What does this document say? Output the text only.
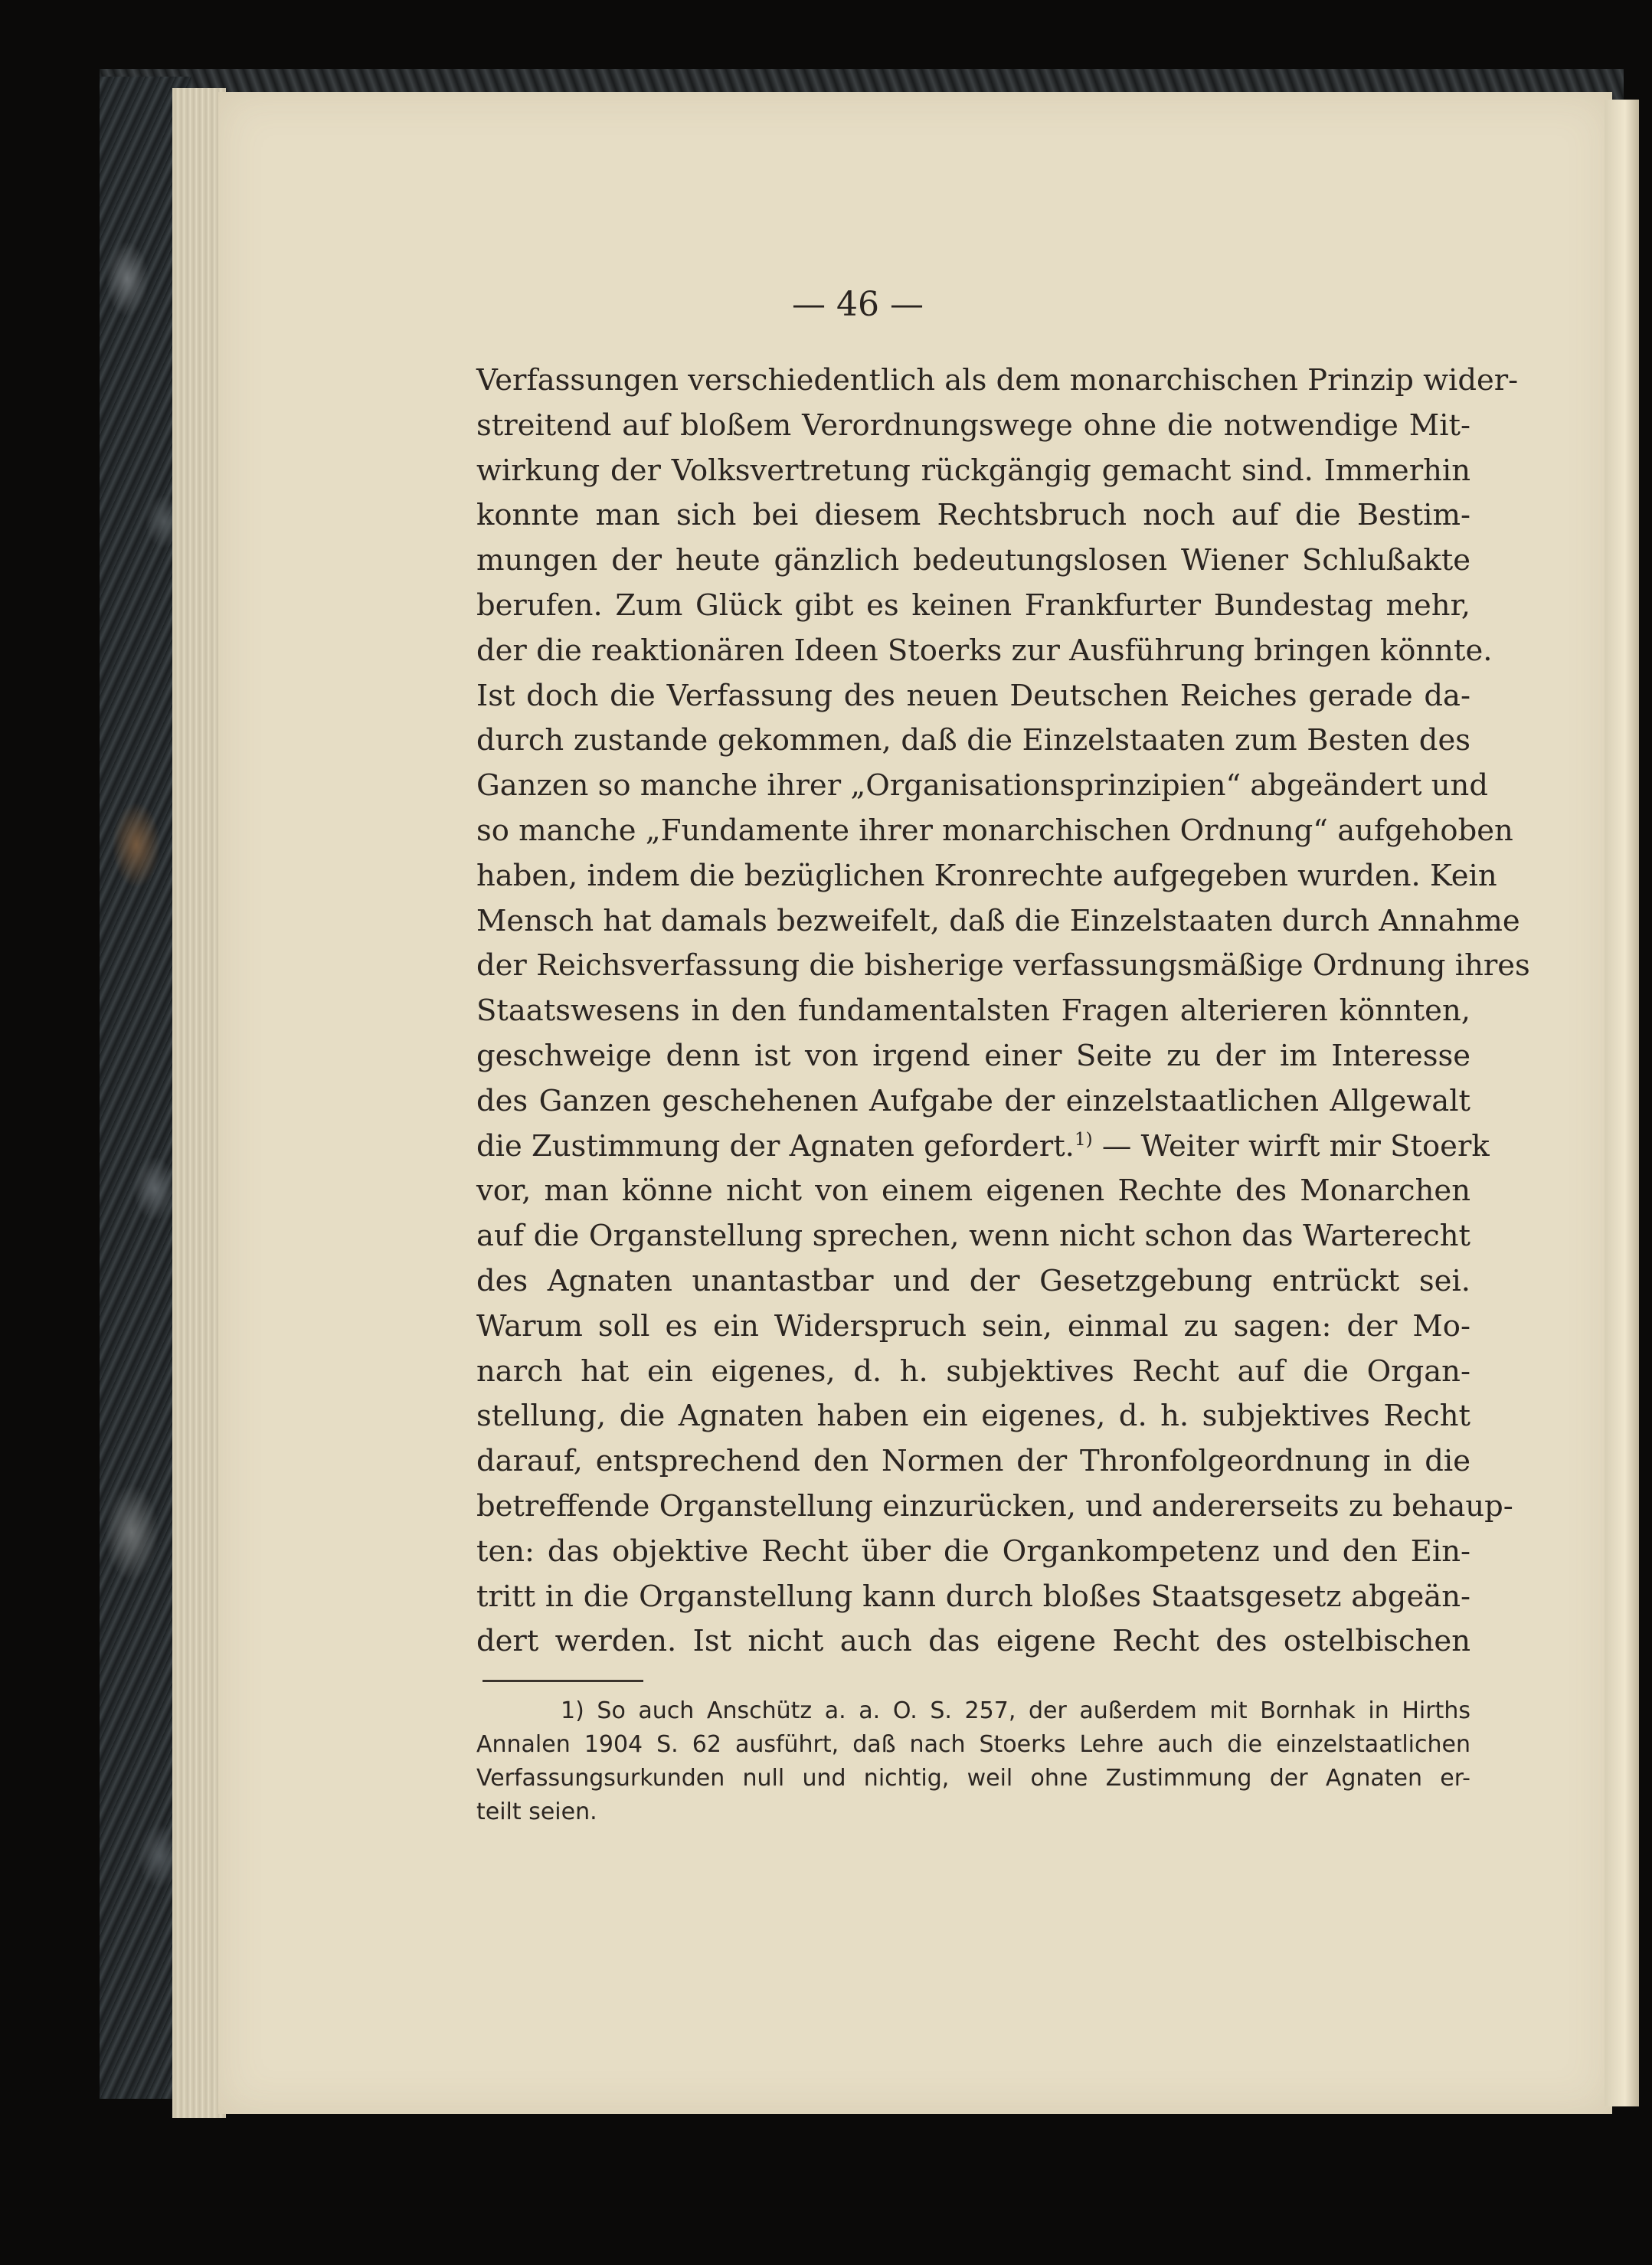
— 46 —
Verfassungen verschiedentlich als dem monarchischen Prinzip wider-
streitend auf bloßem Verordnungswege ohne die notwendige Mit-
wirkung der Volksvertretung rückgängig gemacht sind. Immerhin
konnte man sich bei diesem Rechtsbruch noch auf die Bestim-
mungen der heute gänzlich bedeutungslosen Wiener Schlußakte
berufen. Zum Glück gibt es keinen Frankfurter Bundestag mehr,
der die reaktionären Ideen Stoerks zur Ausführung bringen könnte.
Ist doch die Verfassung des neuen Deutschen Reiches gerade da-
durch zustande gekommen, daß die Einzelstaaten zum Besten des
Ganzen so manche ihrer „Organisationsprinzipien“ abgeändert und
so manche „Fundamente ihrer monarchischen Ordnung“ aufgehoben
haben, indem die bezüglichen Kronrechte aufgegeben wurden. Kein
Mensch hat damals bezweifelt, daß die Einzelstaaten durch Annahme
der Reichsverfassung die bisherige verfassungsmäßige Ordnung ihres
Staatswesens in den fundamentalsten Fragen alterieren könnten,
geschweige denn ist von irgend einer Seite zu der im Interesse
des Ganzen geschehenen Aufgabe der einzelstaatlichen Allgewalt
die Zustimmung der Agnaten gefordert.$^{1)}$ — Weiter wirft mir Stoerk
vor, man könne nicht von einem eigenen Rechte des Monarchen
auf die Organstellung sprechen, wenn nicht schon das Warterecht
des Agnaten unantastbar und der Gesetzgebung entrückt sei.
Warum soll es ein Widerspruch sein, einmal zu sagen: der Mo-
narch hat ein eigenes, d. h. subjektives Recht auf die Organ-
stellung, die Agnaten haben ein eigenes, d. h. subjektives Recht
darauf, entsprechend den Normen der Thronfolgeordnung in die
betreffende Organstellung einzurücken, und andererseits zu behaup-
ten: das objektive Recht über die Organkompetenz und den Ein-
tritt in die Organstellung kann durch bloßes Staatsgesetz abgeän-
dert werden. Ist nicht auch das eigene Recht des ostelbischen
1) So auch Anschütz a. a. O. S. 257, der außerdem mit Bornhak in Hirths
Annalen 1904 S. 62 ausführt, daß nach Stoerks Lehre auch die einzelstaatlichen
Verfassungsurkunden null und nichtig, weil ohne Zustimmung der Agnaten er-
teilt seien.
